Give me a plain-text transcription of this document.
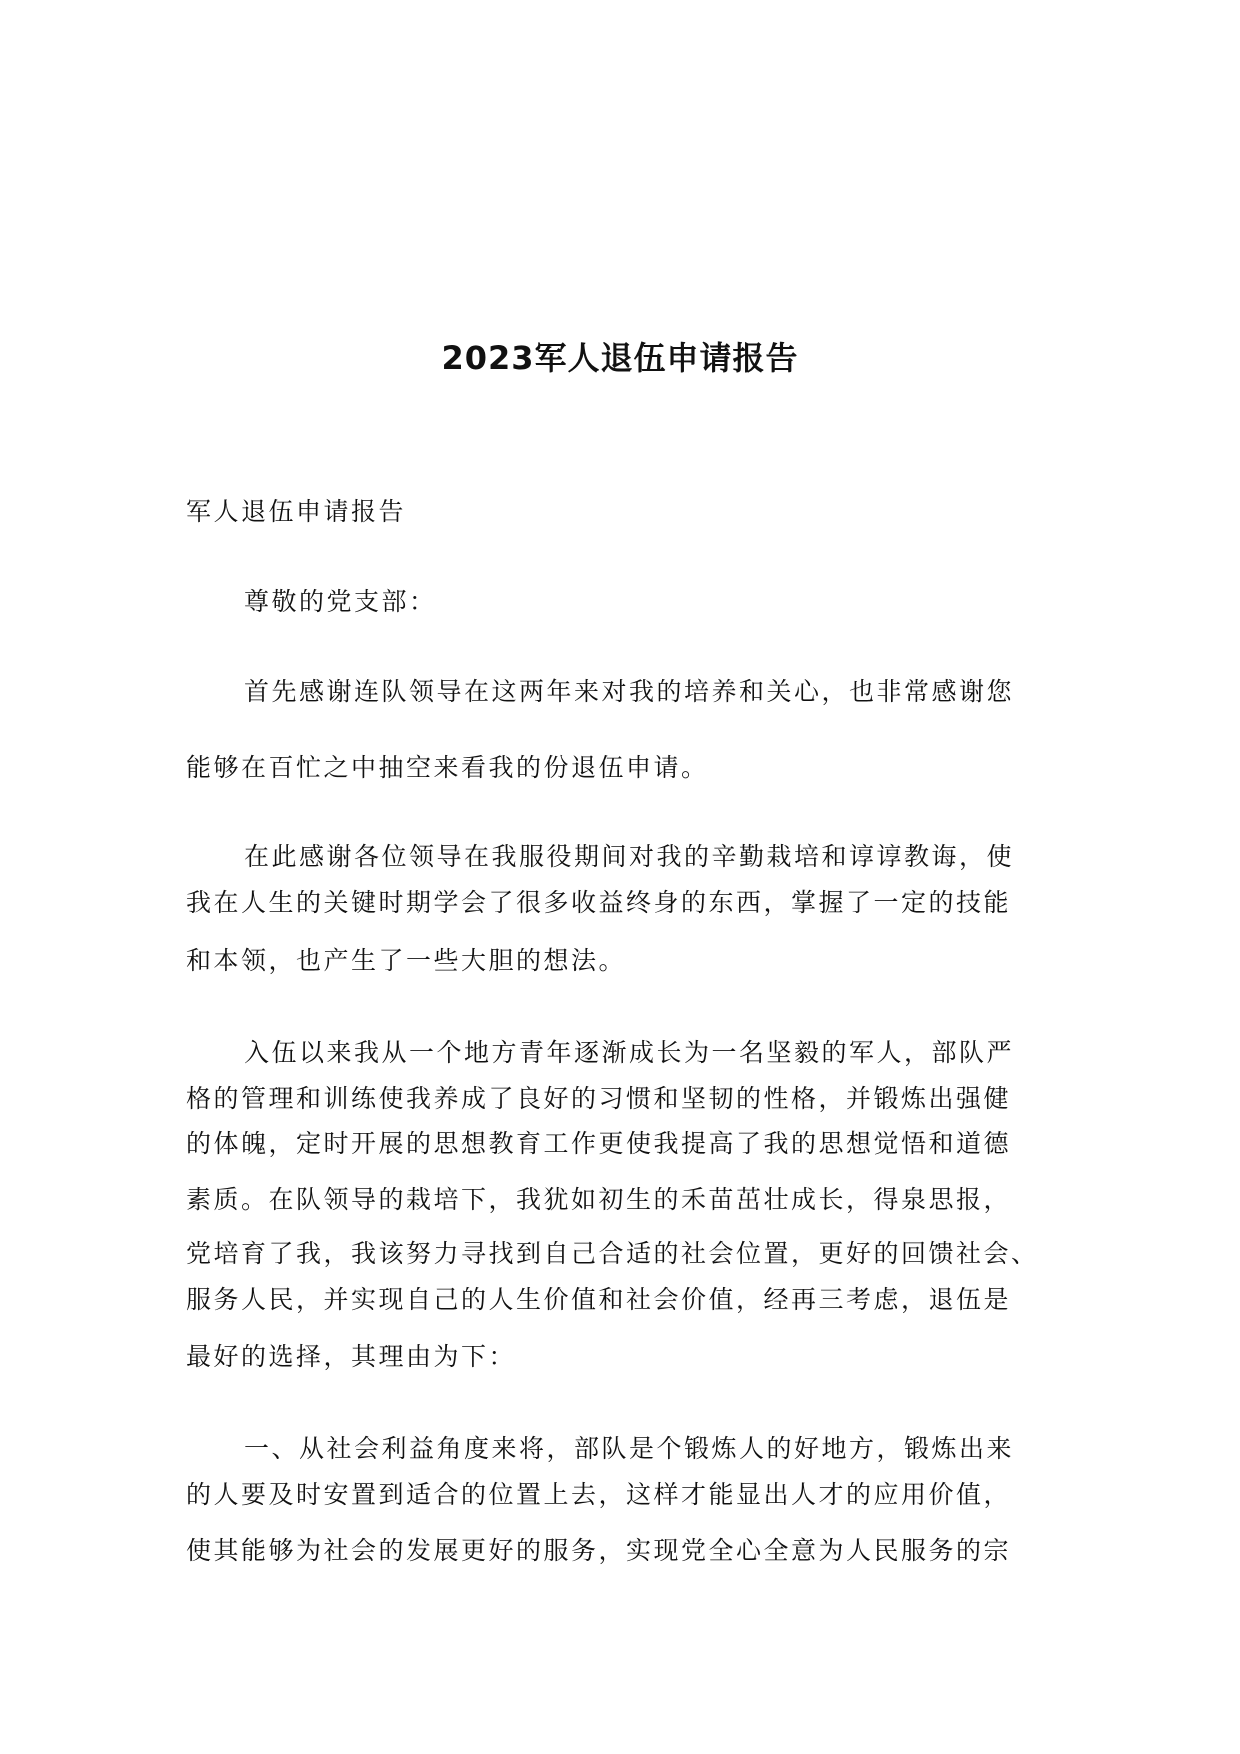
2023军人退伍申请报告

军人退伍申请报告

尊敬的党支部：

首先感谢连队领导在这两年来对我的培养和关心，也非常感谢您

能够在百忙之中抽空来看我的份退伍申请。

在此感谢各位领导在我服役期间对我的辛勤栽培和谆谆教诲，使

我在人生的关键时期学会了很多收益终身的东西，掌握了一定的技能

和本领，也产生了一些大胆的想法。

入伍以来我从一个地方青年逐渐成长为一名坚毅的军人，部队严

格的管理和训练使我养成了良好的习惯和坚韧的性格，并锻炼出强健

的体魄，定时开展的思想教育工作更使我提高了我的思想觉悟和道德

素质。在队领导的栽培下，我犹如初生的禾苗茁壮成长，得泉思报，

党培育了我，我该努力寻找到自己合适的社会位置，更好的回馈社会、

服务人民，并实现自己的人生价值和社会价值，经再三考虑，退伍是

最好的选择，其理由为下：

一、从社会利益角度来将，部队是个锻炼人的好地方，锻炼出来

的人要及时安置到适合的位置上去，这样才能显出人才的应用价值，

使其能够为社会的发展更好的服务，实现党全心全意为人民服务的宗
